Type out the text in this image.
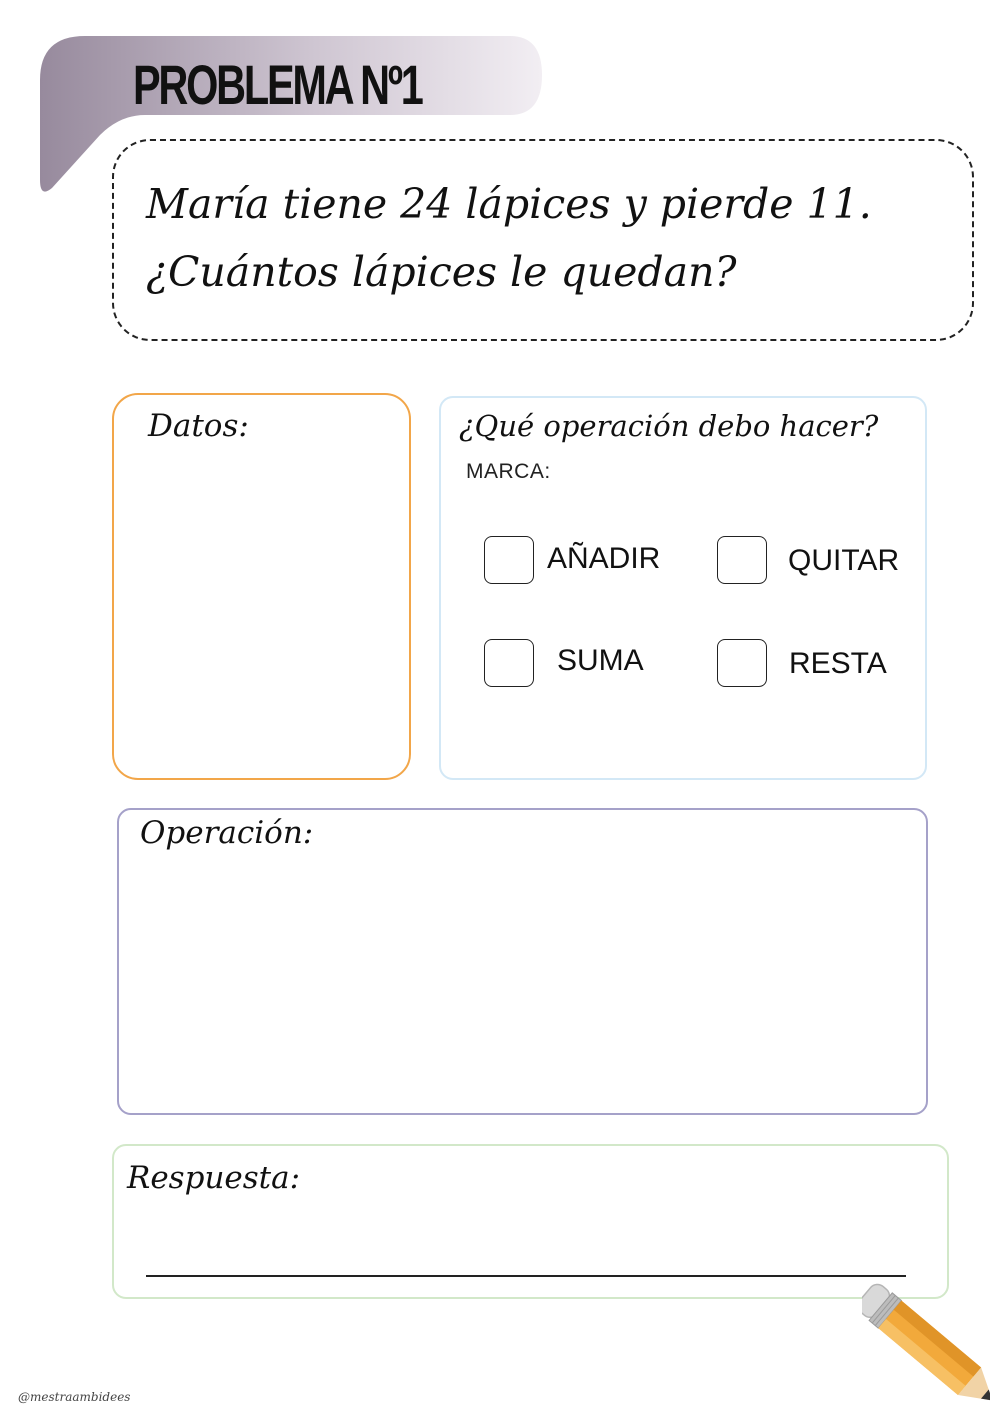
PROBLEMA Nº1
María tiene 24 lápices y pierde 11.
¿Cuántos lápices le quedan?
Datos:	¿Qué operación debo hacer?
MARCA:
AÑADIR	QUITAR
SUMA	RESTA
Operación:
Respuesta:
@mestraambidees
